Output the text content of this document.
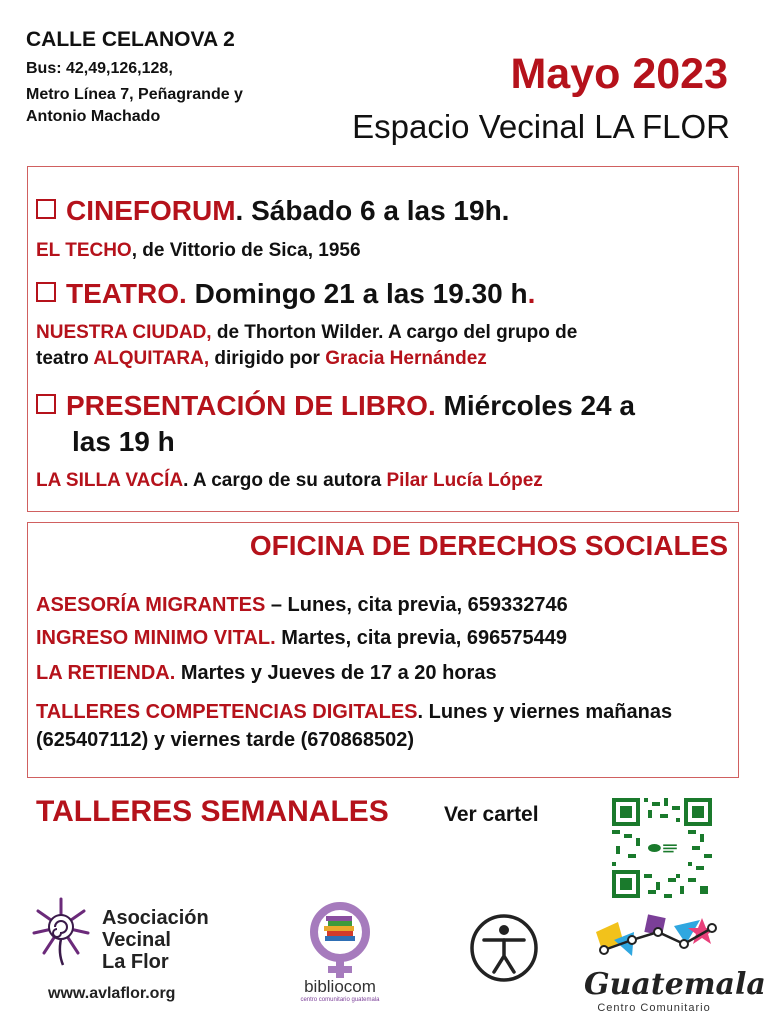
CALLE CELANOVA 2
Bus: 42,49,126,128,
Metro Línea 7, Peñagrande y
Antonio Machado
Mayo 2023
Espacio Vecinal LA FLOR
CINEFORUM. Sábado 6 a las 19h.
EL TECHO, de Vittorio de Sica, 1956
TEATRO. Domingo 21 a las 19.30 h.
NUESTRA CIUDAD, de Thorton Wilder. A cargo del grupo de
teatro ALQUITARA, dirigido por Gracia Hernández
PRESENTACIÓN DE LIBRO. Miércoles 24 a
las 19 h
LA SILLA VACÍA. A cargo de su autora Pilar Lucía López
OFICINA DE DERECHOS SOCIALES
ASESORÍA MIGRANTES – Lunes, cita previa, 659332746
INGRESO MINIMO VITAL. Martes, cita previa, 696575449
LA RETIENDA. Martes y Jueves de 17 a 20 horas
TALLERES COMPETENCIAS DIGITALES. Lunes y viernes mañanas (625407112) y viernes tarde (670868502)
TALLERES SEMANALES	Ver cartel
Asociación
Vecinal
La Flor
www.avlaflor.org	bibliocom
centro comunitario guatemala	Guatemala
Centro Comunitario
